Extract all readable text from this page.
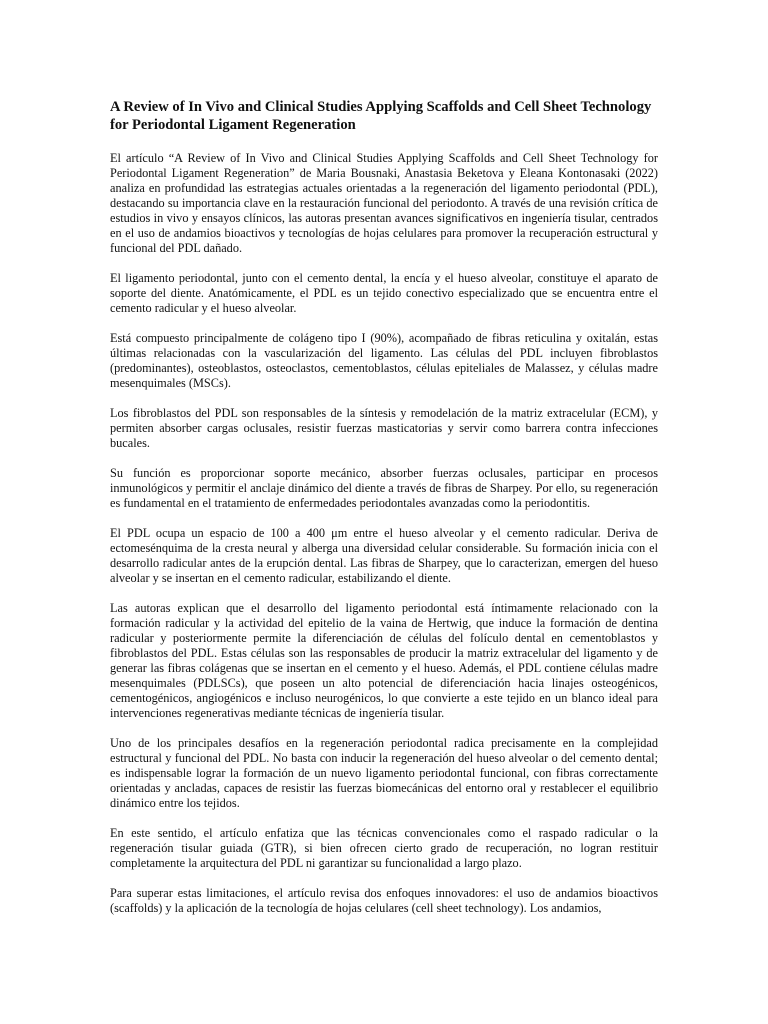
A Review of In Vivo and Clinical Studies Applying Scaffolds and Cell Sheet Technology for Periodontal Ligament Regeneration

El artículo “A Review of In Vivo and Clinical Studies Applying Scaffolds and Cell Sheet Technology for Periodontal Ligament Regeneration” de Maria Bousnaki, Anastasia Beketova y Eleana Kontonasaki (2022) analiza en profundidad las estrategias actuales orientadas a la regeneración del ligamento periodontal (PDL), destacando su importancia clave en la restauración funcional del periodonto. A través de una revisión crítica de estudios in vivo y ensayos clínicos, las autoras presentan avances significativos en ingeniería tisular, centrados en el uso de andamios bioactivos y tecnologías de hojas celulares para promover la recuperación estructural y funcional del PDL dañado.

El ligamento periodontal, junto con el cemento dental, la encía y el hueso alveolar, constituye el aparato de soporte del diente. Anatómicamente, el PDL es un tejido conectivo especializado que se encuentra entre el cemento radicular y el hueso alveolar.

Está compuesto principalmente de colágeno tipo I (90%), acompañado de fibras reticulina y oxitalán, estas últimas relacionadas con la vascularización del ligamento. Las células del PDL incluyen fibroblastos (predominantes), osteoblastos, osteoclastos, cementoblastos, células epiteliales de Malassez, y células madre mesenquimales (MSCs).

Los fibroblastos del PDL son responsables de la síntesis y remodelación de la matriz extracelular (ECM), y permiten absorber cargas oclusales, resistir fuerzas masticatorias y servir como barrera contra infecciones bucales.

Su función es proporcionar soporte mecánico, absorber fuerzas oclusales, participar en procesos inmunológicos y permitir el anclaje dinámico del diente a través de fibras de Sharpey. Por ello, su regeneración es fundamental en el tratamiento de enfermedades periodontales avanzadas como la periodontitis.

El PDL ocupa un espacio de 100 a 400 μm entre el hueso alveolar y el cemento radicular. Deriva de ectomesénquima de la cresta neural y alberga una diversidad celular considerable. Su formación inicia con el desarrollo radicular antes de la erupción dental. Las fibras de Sharpey, que lo caracterizan, emergen del hueso alveolar y se insertan en el cemento radicular, estabilizando el diente.

Las autoras explican que el desarrollo del ligamento periodontal está íntimamente relacionado con la formación radicular y la actividad del epitelio de la vaina de Hertwig, que induce la formación de dentina radicular y posteriormente permite la diferenciación de células del folículo dental en cementoblastos y fibroblastos del PDL. Estas células son las responsables de producir la matriz extracelular del ligamento y de generar las fibras colágenas que se insertan en el cemento y el hueso. Además, el PDL contiene células madre mesenquimales (PDLSCs), que poseen un alto potencial de diferenciación hacia linajes osteogénicos, cementogénicos, angiogénicos e incluso neurogénicos, lo que convierte a este tejido en un blanco ideal para intervenciones regenerativas mediante técnicas de ingeniería tisular.

Uno de los principales desafíos en la regeneración periodontal radica precisamente en la complejidad estructural y funcional del PDL. No basta con inducir la regeneración del hueso alveolar o del cemento dental; es indispensable lograr la formación de un nuevo ligamento periodontal funcional, con fibras correctamente orientadas y ancladas, capaces de resistir las fuerzas biomecánicas del entorno oral y restablecer el equilibrio dinámico entre los tejidos.

En este sentido, el artículo enfatiza que las técnicas convencionales como el raspado radicular o la regeneración tisular guiada (GTR), si bien ofrecen cierto grado de recuperación, no logran restituir completamente la arquitectura del PDL ni garantizar su funcionalidad a largo plazo.

Para superar estas limitaciones, el artículo revisa dos enfoques innovadores: el uso de andamios bioactivos (scaffolds) y la aplicación de la tecnología de hojas celulares (cell sheet technology). Los andamios,
